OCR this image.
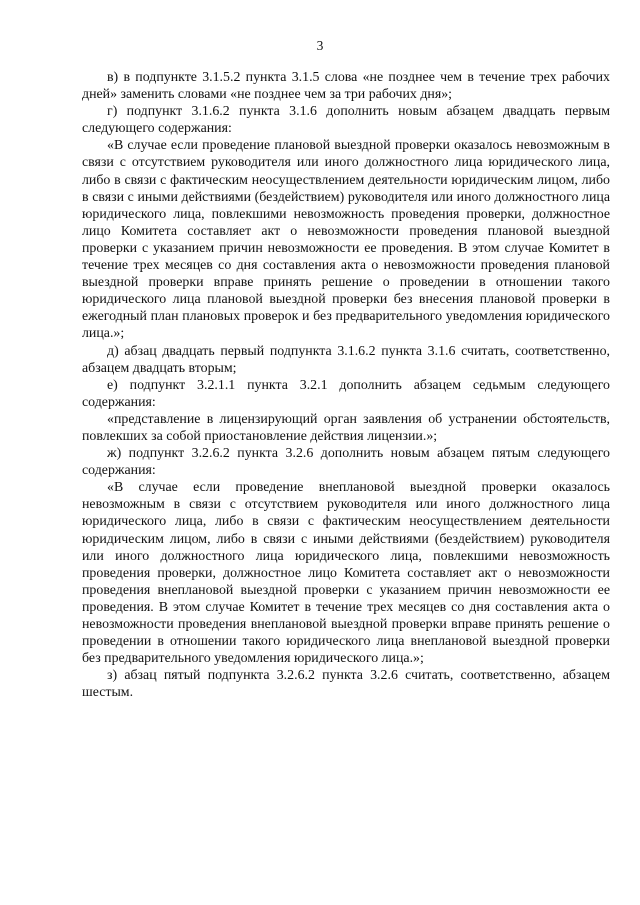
3

в) в подпункте 3.1.5.2 пункта 3.1.5 слова «не позднее чем в течение трех рабочих дней» заменить словами «не позднее чем за три рабочих дня»;

г) подпункт 3.1.6.2 пункта 3.1.6 дополнить новым абзацем двадцать первым следующего содержания:

«В случае если проведение плановой выездной проверки оказалось невозможным в связи с отсутствием руководителя или иного должностного лица юридического лица, либо в связи с фактическим неосуществлением деятельности юридическим лицом, либо в связи с иными действиями (бездействием) руководителя или иного должностного лица юридического лица, повлекшими невозможность проведения проверки, должностное лицо Комитета составляет акт о невозможности проведения плановой выездной проверки с указанием причин невозможности ее проведения. В этом случае Комитет в течение трех месяцев со дня составления акта о невозможности проведения плановой выездной проверки вправе принять решение о проведении в отношении такого юридического лица плановой выездной проверки без внесения плановой проверки в ежегодный план плановых проверок и без предварительного уведомления юридического лица.»;

д) абзац двадцать первый подпункта 3.1.6.2 пункта 3.1.6 считать, соответственно, абзацем двадцать вторым;

е) подпункт 3.2.1.1 пункта 3.2.1 дополнить абзацем седьмым следующего содержания:

«представление в лицензирующий орган заявления об устранении обстоятельств, повлекших за собой приостановление действия лицензии.»;

ж) подпункт 3.2.6.2 пункта 3.2.6 дополнить новым абзацем пятым следующего содержания:

«В случае если проведение внеплановой выездной проверки оказалось невозможным в связи с отсутствием руководителя или иного должностного лица юридического лица, либо в связи с фактическим неосуществлением деятельности юридическим лицом, либо в связи с иными действиями (бездействием) руководителя или иного должностного лица юридического лица, повлекшими невозможность проведения проверки, должностное лицо Комитета составляет акт о невозможности проведения внеплановой выездной проверки с указанием причин невозможности ее проведения. В этом случае Комитет в течение трех месяцев со дня составления акта о невозможности проведения внеплановой выездной проверки вправе принять решение о проведении в отношении такого юридического лица внеплановой выездной проверки без предварительного уведомления юридического лица.»;

з) абзац пятый подпункта 3.2.6.2 пункта 3.2.6 считать, соответственно, абзацем шестым.
